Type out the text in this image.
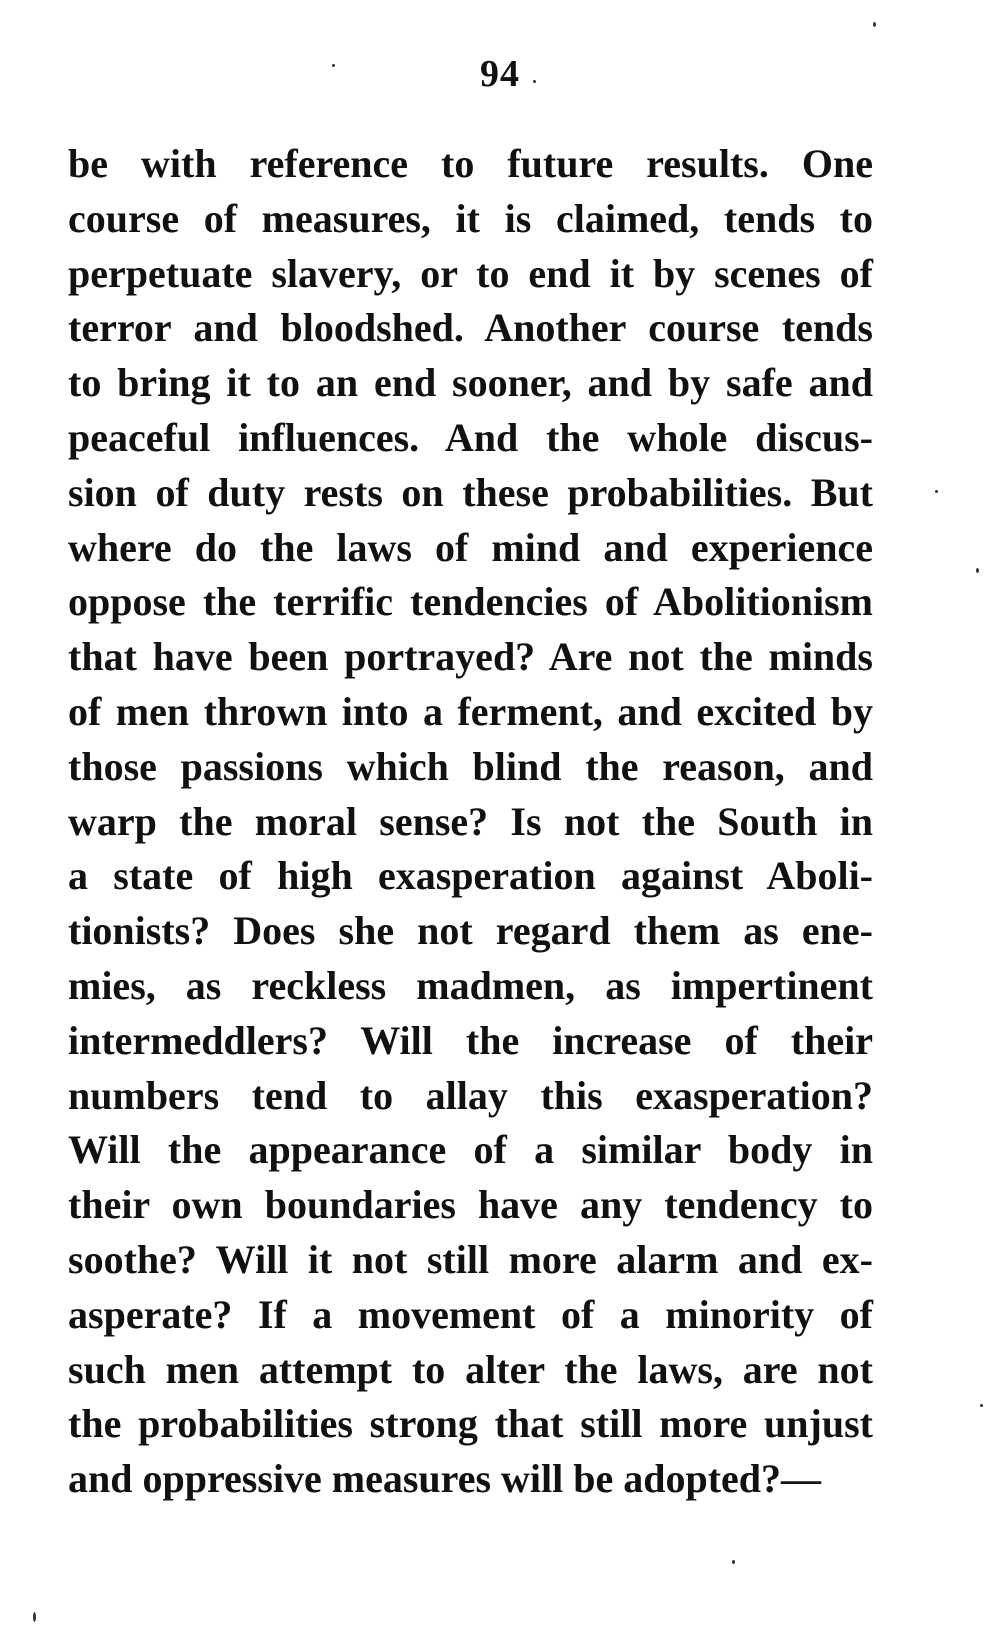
94
be with reference to future results. One
course of measures, it is claimed, tends to
perpetuate slavery, or to end it by scenes of
terror and bloodshed. Another course tends
to bring it to an end sooner, and by safe and
peaceful influences. And the whole discus-
sion of duty rests on these probabilities. But
where do the laws of mind and experience
oppose the terrific tendencies of Abolitionism
that have been portrayed? Are not the minds
of men thrown into a ferment, and excited by
those passions which blind the reason, and
warp the moral sense? Is not the South in
a state of high exasperation against Aboli-
tionists? Does she not regard them as ene-
mies, as reckless madmen, as impertinent
intermeddlers? Will the increase of their
numbers tend to allay this exasperation?
Will the appearance of a similar body in
their own boundaries have any tendency to
soothe? Will it not still more alarm and ex-
asperate? If a movement of a minority of
such men attempt to alter the laws, are not
the probabilities strong that still more unjust
and oppressive measures will be adopted?—
